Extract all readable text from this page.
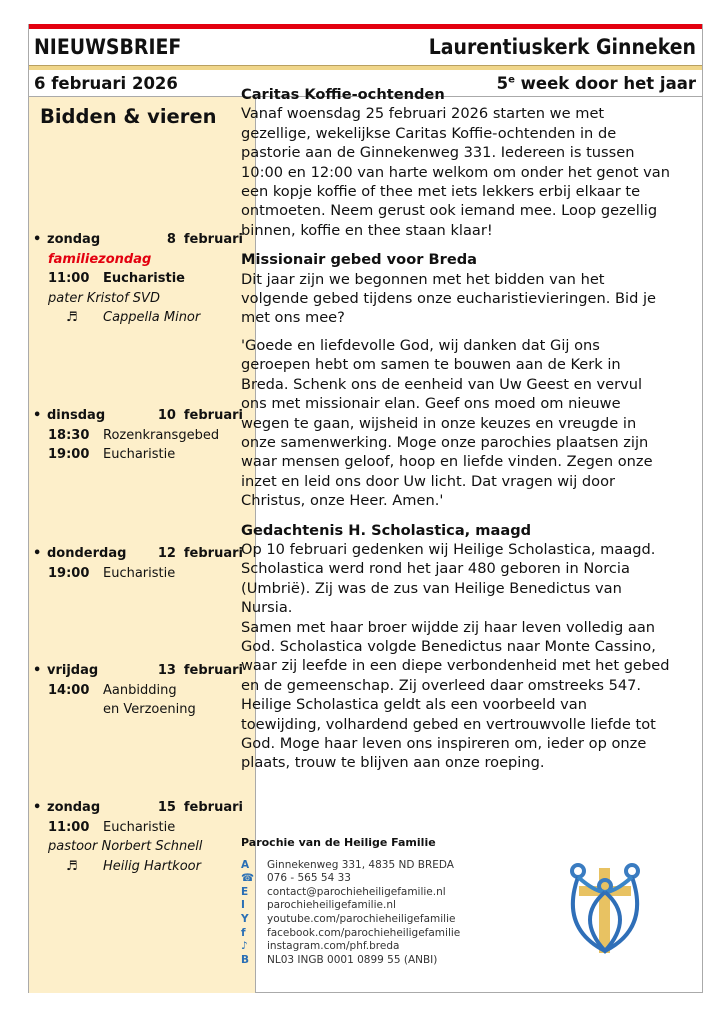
NIEUWSBRIEF	Laurentiuskerk Ginneken
6 februari 2026	5e week door het jaar
Bidden & vieren
• zondag	8 februari
familiezondag
11:00 Eucharistie
pater Kristof SVD
♬ Cappella Minor
• dinsdag	10 februari
18:30 Rozenkransgebed
19:00 Eucharistie
• donderdag	12 februari
19:00 Eucharistie
• vrijdag	13 februari
14:00 Aanbidding
en Verzoening
• zondag	15 februari
11:00 Eucharistie
pastoor Norbert Schnell
♬ Heilig Hartkoor
Caritas Koffie-ochtenden

Vanaf woensdag 25 februari 2026 starten we met gezellige, wekelijkse Caritas Koffie-ochtenden in de pastorie aan de Ginnekenweg 331. Iedereen is tussen 10:00 en 12:00 van harte welkom om onder het genot van een kopje koffie of thee met iets lekkers erbij elkaar te ontmoeten. Neem gerust ook iemand mee. Loop gezellig binnen, koffie en thee staan klaar!

Missionair gebed voor Breda

Dit jaar zijn we begonnen met het bidden van het volgende gebed tijdens onze eucharistievieringen. Bid je met ons mee?

'Goede en liefdevolle God, wij danken dat Gij ons geroepen hebt om samen te bouwen aan de Kerk in Breda. Schenk ons de eenheid van Uw Geest en vervul ons met missionair elan. Geef ons moed om nieuwe wegen te gaan, wijsheid in onze keuzes en vreugde in onze samenwerking. Moge onze parochies plaatsen zijn waar mensen geloof, hoop en liefde vinden. Zegen onze inzet en leid ons door Uw licht. Dat vragen wij door Christus, onze Heer. Amen.'

Gedachtenis H. Scholastica, maagd

Op 10 februari gedenken wij Heilige Scholastica, maagd. Scholastica werd rond het jaar 480 geboren in Norcia (Umbrië). Zij was de zus van Heilige Benedictus van Nursia.

Samen met haar broer wijdde zij haar leven volledig aan God. Scholastica volgde Benedictus naar Monte Cassino, waar zij leefde in een diepe verbondenheid met het gebed en de gemeenschap. Zij overleed daar omstreeks 547. Heilige Scholastica geldt als een voorbeeld van toewijding, volhardend gebed en vertrouwvolle liefde tot God. Moge haar leven ons inspireren om, ieder op onze plaats, trouw te blijven aan onze roeping.

Parochie van de Heilige Familie
A	Ginnekenweg 331, 4835 ND BREDA
☎	076 - 565 54 33
E	contact@parochieheiligefamilie.nl
I	parochieheiligefamilie.nl
Y	youtube.com/parochieheiligefamilie
f	facebook.com/parochieheiligefamilie
♪	instagram.com/phf.breda
B	NL03 INGB 0001 0899 55 (ANBI)
